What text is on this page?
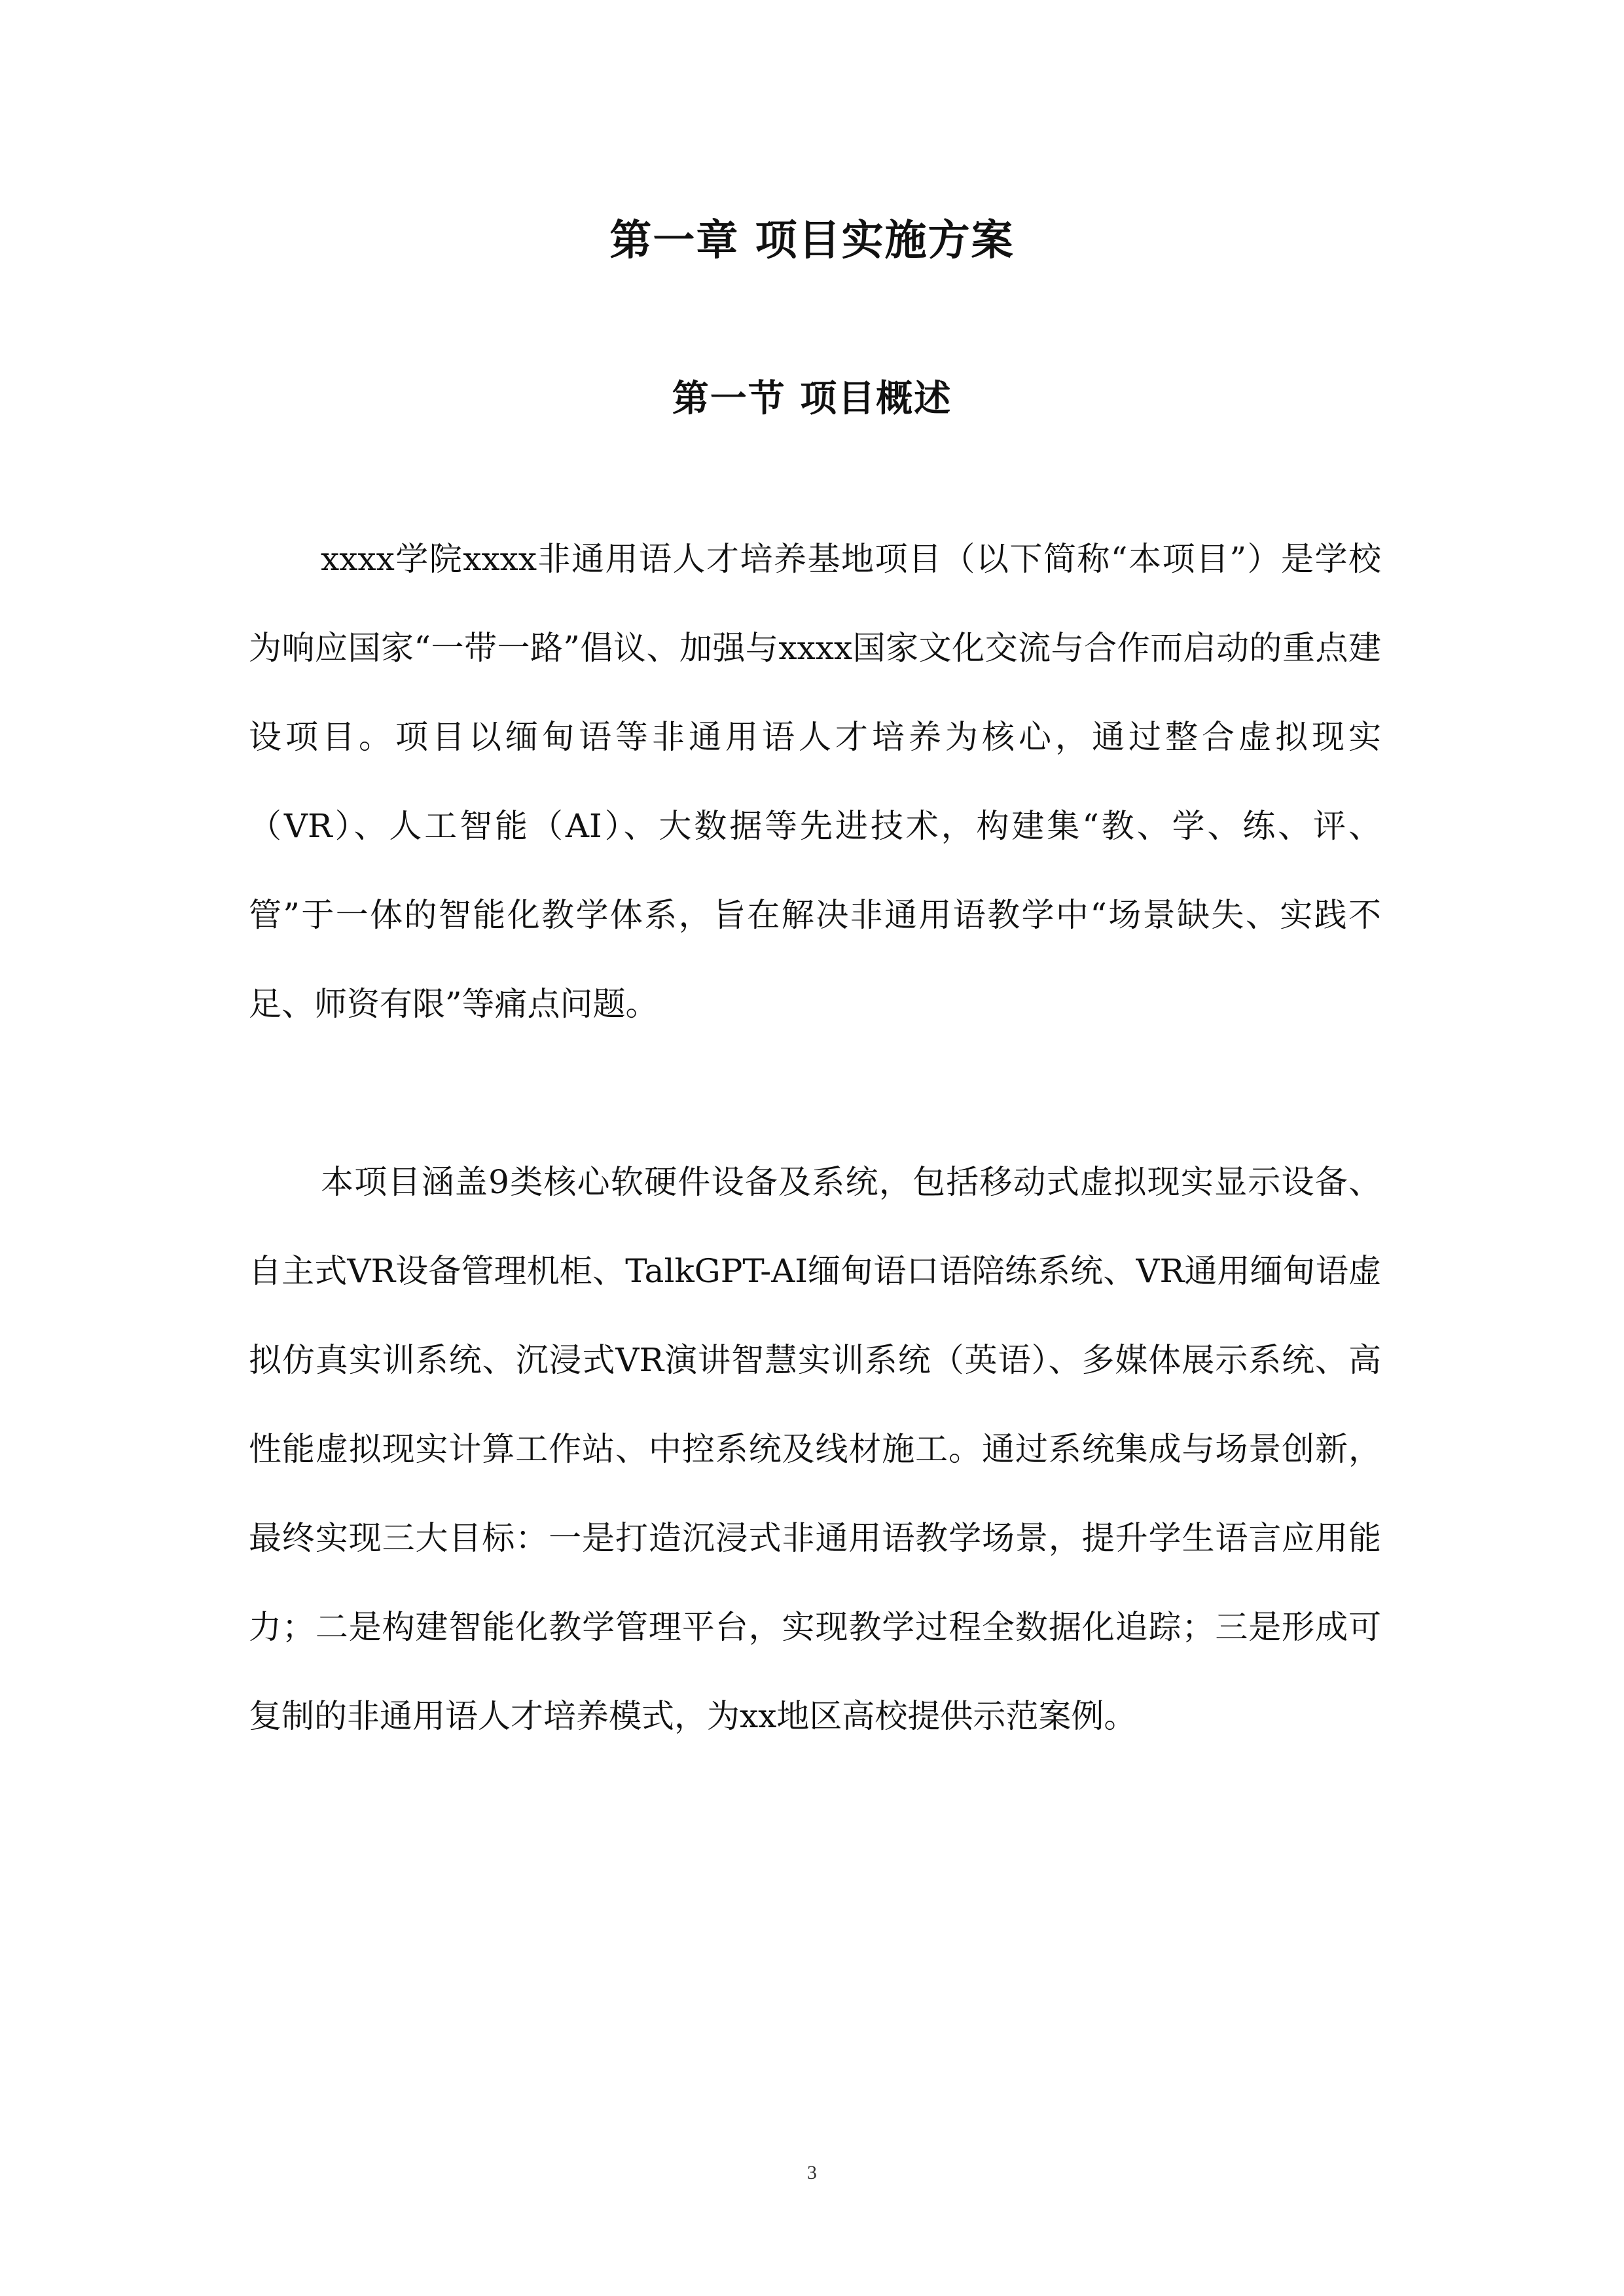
第一章 项目实施方案
第一节 项目概述

xxxx学院xxxx非通用语人才培养基地项目（以下简称“本项目”）是学校为响应国家“一带一路”倡议、加强与xxxx国家文化交流与合作而启动的重点建设项目。项目以缅甸语等非通用语人才培养为核心，通过整合虚拟现实（VR）、人工智能（AI）、大数据等先进技术，构建集“教、学、练、评、管”于一体的智能化教学体系，旨在解决非通用语教学中“场景缺失、实践不足、师资有限”等痛点问题。

本项目涵盖9类核心软硬件设备及系统，包括移动式虚拟现实显示设备、自主式VR设备管理机柜、TalkGPT-AI缅甸语口语陪练系统、VR通用缅甸语虚拟仿真实训系统、沉浸式VR演讲智慧实训系统（英语）、多媒体展示系统、高性能虚拟现实计算工作站、中控系统及线材施工。通过系统集成与场景创新，最终实现三大目标：一是打造沉浸式非通用语教学场景，提升学生语言应用能力；二是构建智能化教学管理平台，实现教学过程全数据化追踪；三是形成可复制的非通用语人才培养模式，为xx地区高校提供示范案例。

3
